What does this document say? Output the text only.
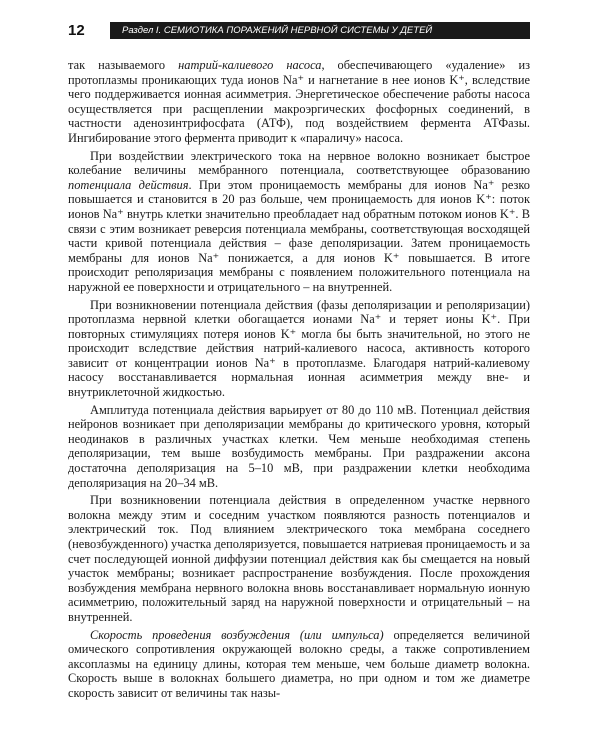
12	Раздел I. СЕМИОТИКА ПОРАЖЕНИЙ НЕРВНОЙ СИСТЕМЫ У ДЕТЕЙ

так называемого натрий-калиевого насоса, обеспечивающего «удаление» из протоплазмы проникающих туда ионов Na⁺ и нагнетание в нее ионов K⁺, вследствие чего поддерживается ионная асимметрия. Энергетическое обеспечение работы насоса осуществляется при расщеплении макроэргических фосфорных соединений, в частности аденозинтрифосфата (АТФ), под воздействием фермента АТФазы. Ингибирование этого фермента приводит к «параличу» насоса.

При воздействии электрического тока на нервное волокно возникает быстрое колебание величины мембранного потенциала, соответствующее образованию потенциала действия. При этом проницаемость мембраны для ионов Na⁺ резко повышается и становится в 20 раз больше, чем проницаемость для ионов K⁺: поток ионов Na⁺ внутрь клетки значительно преобладает над обратным потоком ионов K⁺. В связи с этим возникает реверсия потенциала мембраны, соответствующая восходящей части кривой потенциала действия – фазе деполяризации. Затем проницаемость мембраны для ионов Na⁺ понижается, а для ионов K⁺ повышается. В итоге происходит реполяризация мембраны с появлением положительного потенциала на наружной ее поверхности и отрицательного – на внутренней.

При возникновении потенциала действия (фазы деполяризации и реполяризации) протоплазма нервной клетки обогащается ионами Na⁺ и теряет ионы K⁺. При повторных стимуляциях потеря ионов K⁺ могла бы быть значительной, но этого не происходит вследствие действия натрий-калиевого насоса, активность которого зависит от концентрации ионов Na⁺ в протоплазме. Благодаря натрий-калиевому насосу восстанавливается нормальная ионная асимметрия между вне- и внутриклеточной жидкостью.

Амплитуда потенциала действия варьирует от 80 до 110 мВ. Потенциал действия нейронов возникает при деполяризации мембраны до критического уровня, который неодинаков в различных участках клетки. Чем меньше необходимая степень деполяризации, тем выше возбудимость мембраны. При раздражении аксона достаточна деполяризация на 5–10 мВ, при раздражении клетки необходима деполяризация на 20–34 мВ.

При возникновении потенциала действия в определенном участке нервного волокна между этим и соседним участком появляются разность потенциалов и электрический ток. Под влиянием электрического тока мембрана соседнего (невозбужденного) участка деполяризуется, повышается натриевая проницаемость и за счет последующей ионной диффузии потенциал действия как бы смещается на новый участок мембраны; возникает распространение возбуждения. После прохождения возбуждения мембрана нервного волокна вновь восстанавливает нормальную ионную асимметрию, положительный заряд на наружной поверхности и отрицательный – на внутренней.

Скорость проведения возбуждения (или импульса) определяется величиной омического сопротивления окружающей волокно среды, а также сопротивлением аксоплазмы на единицу длины, которая тем меньше, чем больше диаметр волокна. Скорость выше в волокнах большего диаметра, но при одном и том же диаметре скорость зависит от величины так назы-
